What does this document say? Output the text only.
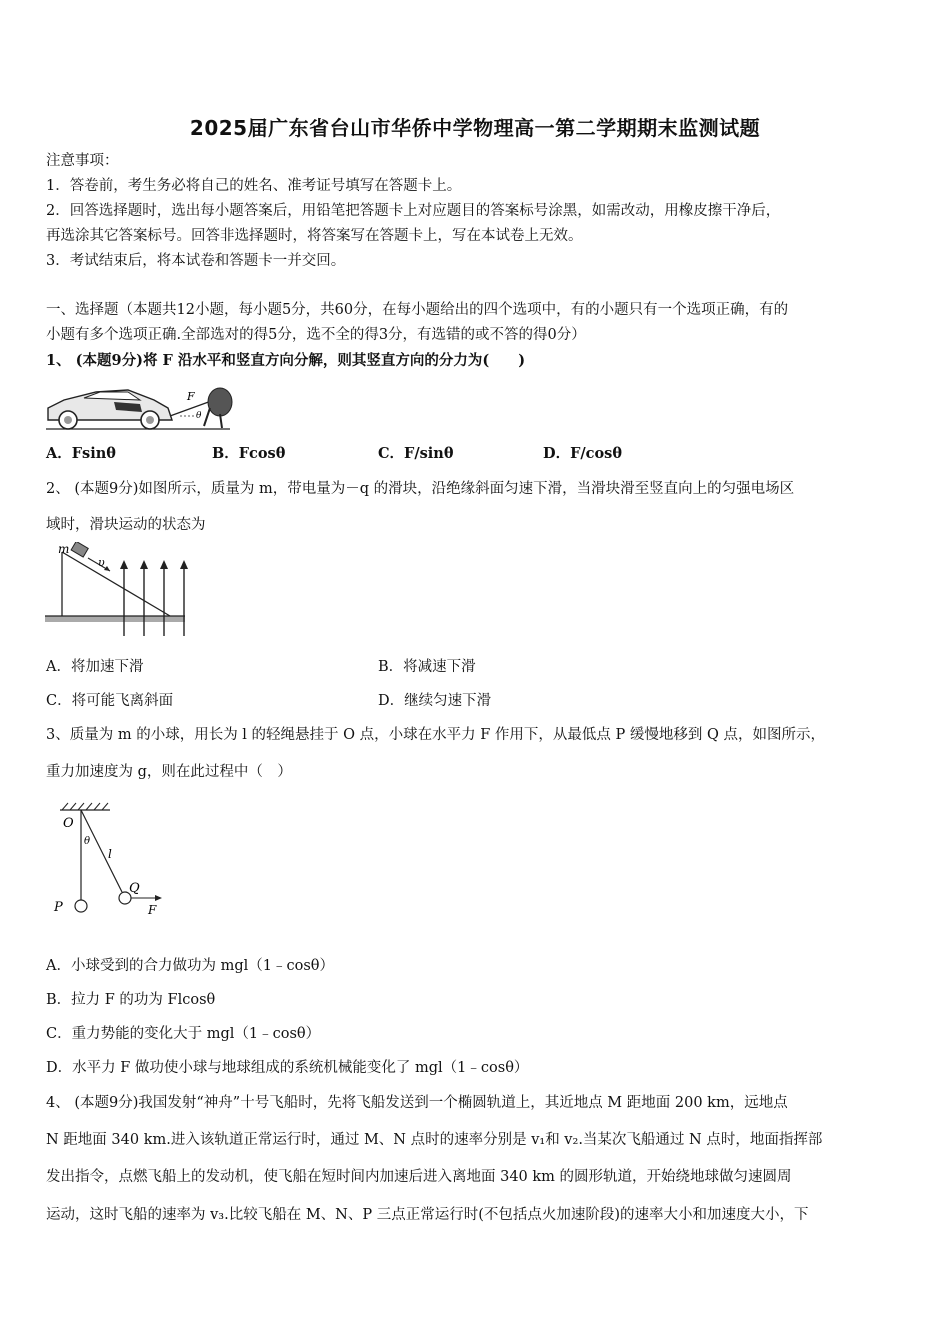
2025届广东省台山市华侨中学物理高一第二学期期末监测试题
注意事项：
1．答卷前，考生务必将自己的姓名、准考证号填写在答题卡上。
2．回答选择题时，选出每小题答案后，用铅笔把答题卡上对应题目的答案标号涂黑，如需改动，用橡皮擦干净后，
再选涂其它答案标号。回答非选择题时，将答案写在答题卡上，写在本试卷上无效。
3．考试结束后，将本试卷和答题卡一并交回。
一、选择题（本题共12小题，每小题5分，共60分，在每小题给出的四个选项中，有的小题只有一个选项正确，有的
小题有多个选项正确.全部选对的得5分，选不全的得3分，有选错的或不答的得0分）
1、 (本题9分)将 F 沿水平和竖直方向分解，则其竖直方向的分力为(　　)
F
θ
A．Fsinθ	B．Fcosθ	C．F/sinθ	D．F/cosθ
2、 (本题9分)如图所示，质量为 m，带电量为－q 的滑块，沿绝缘斜面匀速下滑，当滑块滑至竖直向上的匀强电场区
域时，滑块运动的状态为
m
υ
A．将加速下滑	B．将减速下滑
C．将可能飞离斜面	D．继续匀速下滑
3、质量为 m 的小球，用长为 l 的轻绳悬挂于 O 点，小球在水平力 F 作用下，从最低点 P 缓慢地移到 Q 点，如图所示，
重力加速度为 g，则在此过程中（　）
O
θ
l
Q
P	F
A．小球受到的合力做功为 mgl（1﹣cosθ）
B．拉力 F 的功为 Flcosθ
C．重力势能的变化大于 mgl（1﹣cosθ）
D．水平力 F 做功使小球与地球组成的系统机械能变化了 mgl（1﹣cosθ）
4、 (本题9分)我国发射“神舟”十号飞船时，先将飞船发送到一个椭圆轨道上，其近地点 M 距地面 200 km，远地点
N 距地面 340 km.进入该轨道正常运行时，通过 M、N 点时的速率分别是 v₁和 v₂.当某次飞船通过 N 点时，地面指挥部
发出指令，点燃飞船上的发动机，使飞船在短时间内加速后进入离地面 340 km 的圆形轨道，开始绕地球做匀速圆周
运动，这时飞船的速率为 v₃.比较飞船在 M、N、P 三点正常运行时(不包括点火加速阶段)的速率大小和加速度大小，下
